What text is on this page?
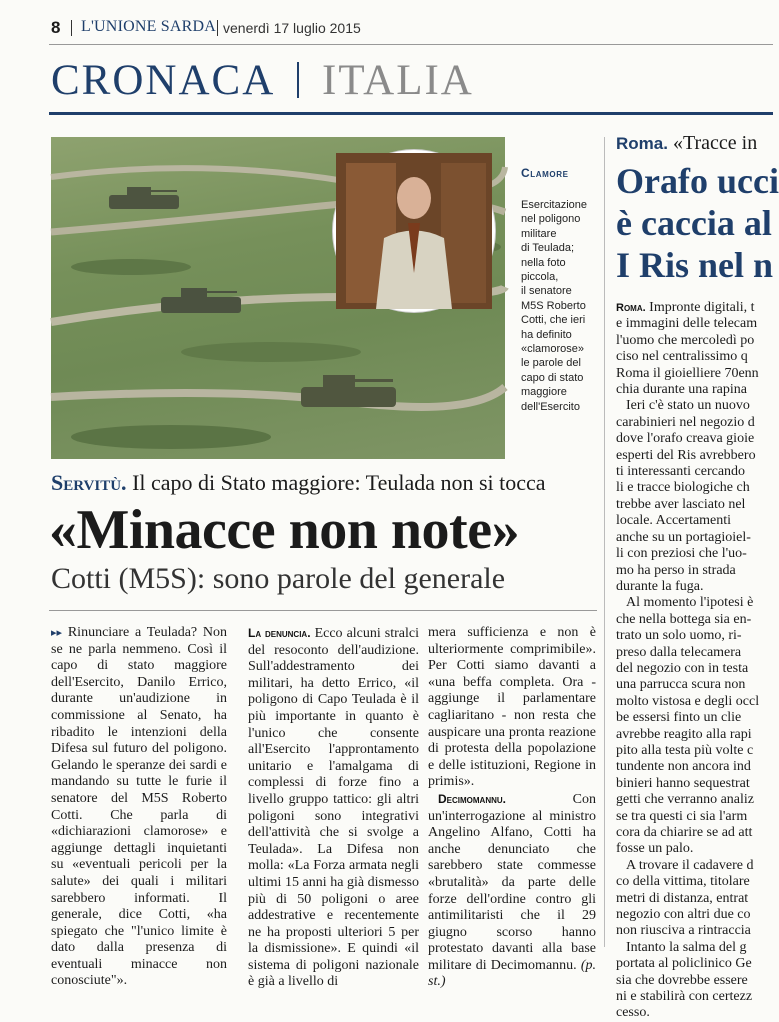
8 L'UNIONE SARDA venerdì 17 luglio 2015
CRONACA ITALIA
Clamore
Esercitazione
nel poligono
militare
di Teulada;
nella foto
piccola,
il senatore
M5S Roberto
Cotti, che ieri
ha definito
«clamorose»
le parole del
capo di stato
maggiore
dell'Esercito
Servitù. Il capo di Stato maggiore: Teulada non si tocca
«Minacce non note»
Cotti (M5S): sono parole del generale

▸▸ Rinunciare a Teulada? Non se ne parla nemmeno. Così il capo di stato maggiore dell'Esercito, Danilo Errico, durante un'audizione in commissione al Senato, ha ribadito le intenzioni della Difesa sul futuro del poligono. Gelando le speranze dei sardi e mandando su tutte le furie il senatore del M5S Roberto Cotti. Che parla di «dichiarazioni clamorose» e aggiunge dettagli inquietanti su «eventuali pericoli per la salute» dei quali i militari sarebbero informati. Il generale, dice Cotti, «ha spiegato che "l'unico limite è dato dalla presenza di eventuali minacce non conosciute"».

La denuncia. Ecco alcuni stralci del resoconto dell'audizione. Sull'addestramento dei militari, ha detto Errico, «il poligono di Capo Teulada è il più importante in quanto è l'unico che consente all'Esercito l'approntamento unitario e l'amalgama di complessi di forze fino a livello gruppo tattico: gli altri poligoni sono integrativi dell'attività che si svolge a Teulada». La Difesa non molla: «La Forza armata negli ultimi 15 anni ha già dismesso più di 50 poligoni o aree addestrative e recentemente ne ha proposti ulteriori 5 per la dismissione». E quindi «il sistema di poligoni nazionale è già a livello di

mera sufficienza e non è ulteriormente comprimibile». Per Cotti siamo davanti a «una beffa completa. Ora - aggiunge il parlamentare cagliaritano - non resta che auspicare una pronta reazione di protesta della popolazione e delle istituzioni, Regione in primis».

Decimomannu.	Con un'interrogazione al ministro Angelino Alfano, Cotti ha anche denunciato che sarebbero state commesse «brutalità» da parte delle forze dell'ordine contro gli antimilitaristi che il 29 giugno scorso hanno protestato davanti alla base militare di Decimomannu. (p. st.)

Roma. «Tracce in
Orafo ucci
è caccia al
I Ris nel n

Roma. Impronte digitali, t

e immagini delle telecam

l'uomo che mercoledì po

ciso nel centralissimo q

Roma il gioielliere 70enn

chia durante una rapina

Ieri c'è stato un nuovo

carabinieri nel negozio d

dove l'orafo creava gioie

esperti del Ris avrebbero

ti interessanti cercando

li e tracce biologiche ch

trebbe aver lasciato nel

locale. Accertamenti

anche su un portagioiel-

li con preziosi che l'uo-

mo ha perso in strada

durante la fuga.

Al momento l'ipotesi è

che nella bottega sia en-

trato un solo uomo, ri-

preso dalla telecamera

del negozio con in testa

una parrucca scura non

molto vistosa e degli occl

be essersi finto un clie

avrebbe reagito alla rapi

pito alla testa più volte c

tundente non ancora ind

binieri hanno sequestrat

getti che verranno analiz

se tra questi ci sia l'arm

cora da chiarire se ad att

fosse un palo.

A trovare il cadavere d

co della vittima, titolare

metri di distanza, entrat

negozio con altri due co

non riusciva a rintraccia

Intanto la salma del g

portata al policlinico Ge

sia che dovrebbe essere

ni e stabilirà con certezz

cesso.
